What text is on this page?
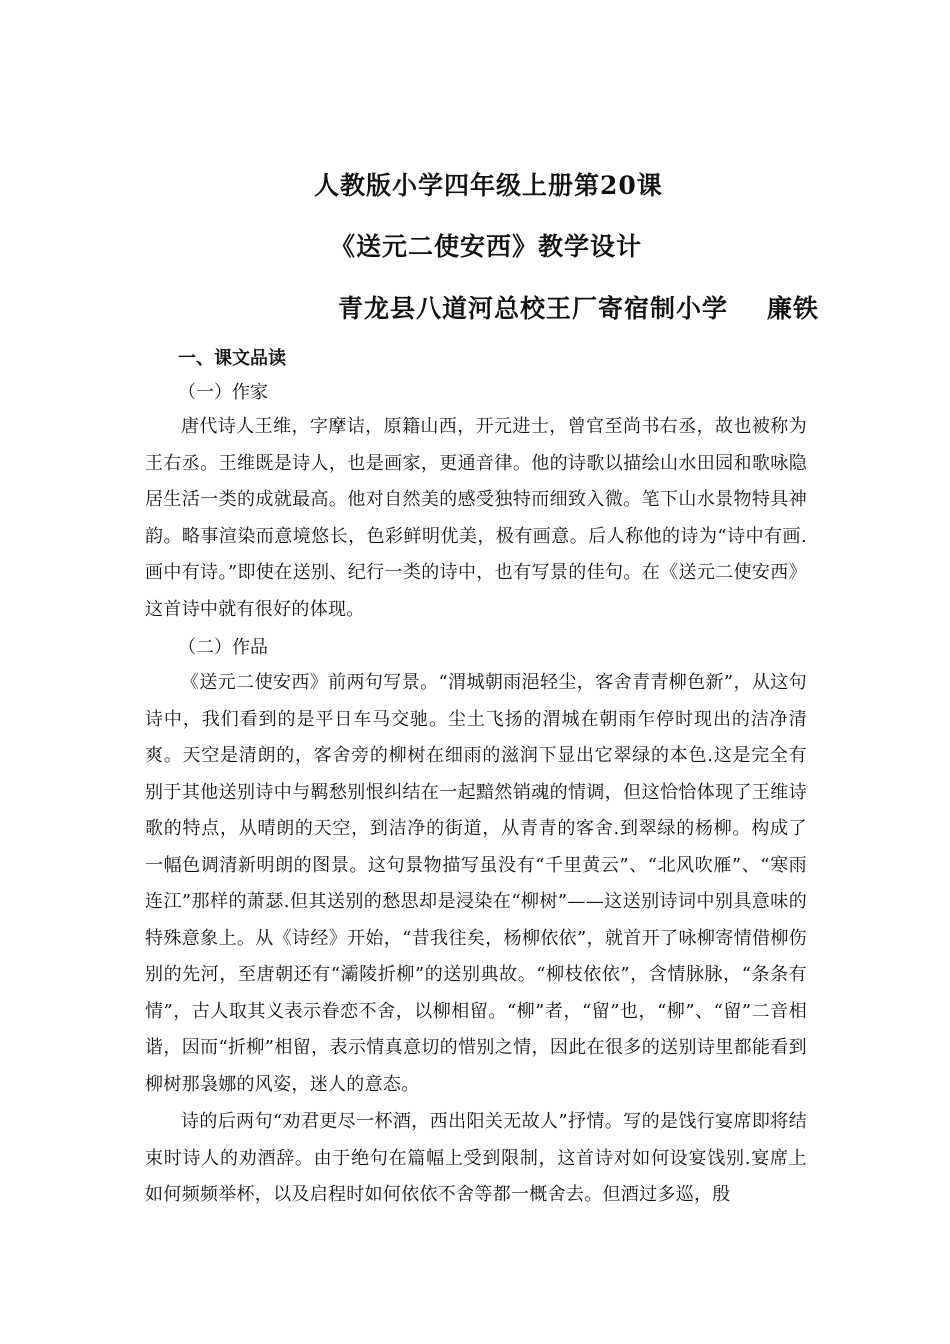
人教版小学四年级上册第20课
《送元二使安西》教学设计
青龙县八道河总校王厂寄宿制小学    廉铁
一、课文品读
（一）作家

唐代诗人王维，字摩诘，原籍山西，开元进士，曾官至尚书右丞，故也被称为王右丞。王维既是诗人，也是画家，更通音律。他的诗歌以描绘山水田园和歌咏隐居生活一类的成就最高。他对自然美的感受独特而细致入微。笔下山水景物特具神韵。略事渲染而意境悠长，色彩鲜明优美，极有画意。后人称他的诗为“诗中有画.画中有诗。”即使在送别、纪行一类的诗中，也有写景的佳句。在《送元二使安西》这首诗中就有很好的体现。

（二）作品

《送元二使安西》前两句写景。“渭城朝雨浥轻尘，客舍青青柳色新”，从这句诗中，我们看到的是平日车马交驰。尘土飞扬的渭城在朝雨乍停时现出的洁净清爽。天空是清朗的，客舍旁的柳树在细雨的滋润下显出它翠绿的本色.这是完全有别于其他送别诗中与羁愁别恨纠结在一起黯然销魂的情调，但这恰恰体现了王维诗歌的特点，从晴朗的天空，到洁净的街道，从青青的客舍.到翠绿的杨柳。构成了一幅色调清新明朗的图景。这句景物描写虽没有“千里黄云”、“北风吹雁”、“寒雨连江”那样的萧瑟.但其送别的愁思却是浸染在“柳树”——这送别诗词中别具意味的特殊意象上。从《诗经》开始，“昔我往矣，杨柳依依”，就首开了咏柳寄情借柳伤别的先河，至唐朝还有“灞陵折柳”的送别典故。“柳枝依依”，含情脉脉，“条条有情”，古人取其义表示眷恋不舍，以柳相留。“柳”者，“留”也，“柳”、“留”二音相谐，因而“折柳”相留，表示情真意切的惜别之情，因此在很多的送别诗里都能看到柳树那袅娜的风姿，迷人的意态。

诗的后两句“劝君更尽一杯酒，西出阳关无故人”抒情。写的是饯行宴席即将结束时诗人的劝酒辞。由于绝句在篇幅上受到限制，这首诗对如何设宴饯别.宴席上如何频频举杯，以及启程时如何依依不舍等都一概舍去。但酒过多巡，殷
